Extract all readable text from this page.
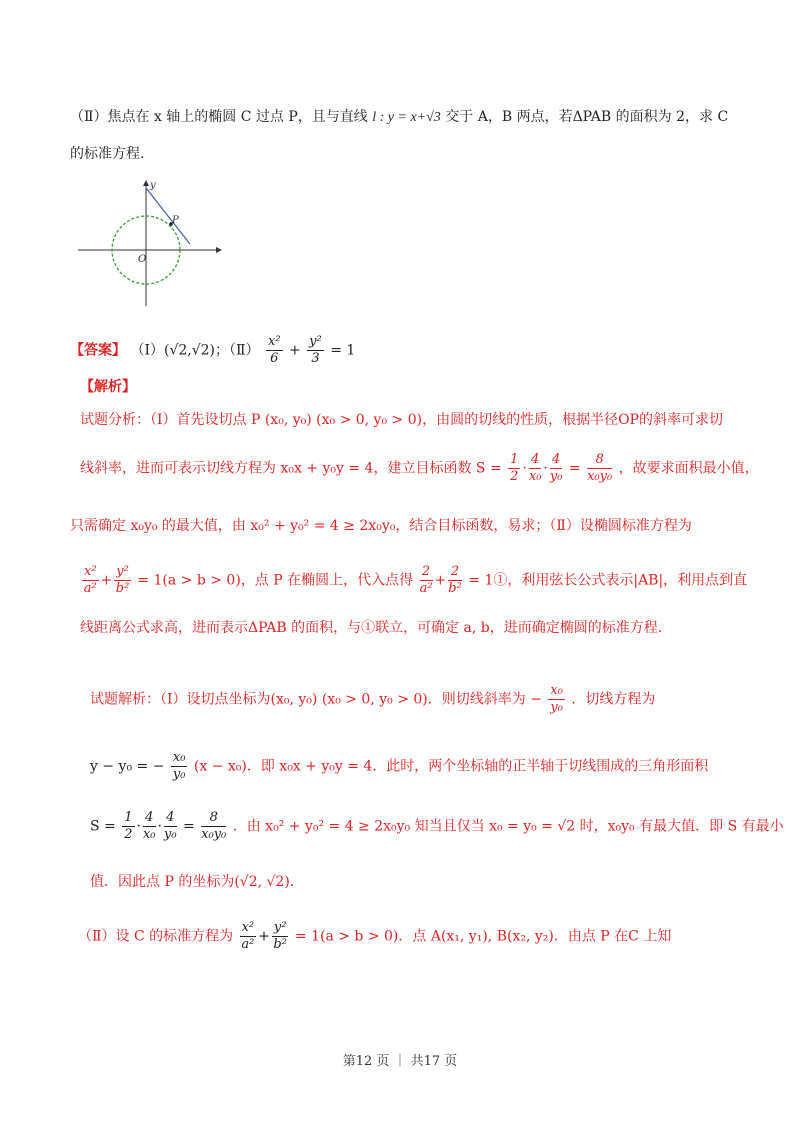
（Ⅱ）焦点在 x 轴上的椭圆 C 过点 P，且与直线 l : y = x+√3 交于 A，B 两点，若ΔPAB 的面积为 2，求 C
的标准方程.
y
P
O
【答案】 （Ⅰ）(√2,√2)；（Ⅱ） $\frac{\text{x²}}{6} + \frac{\text{y²}}{3} = 1$
【解析】
试题分析：（Ⅰ）首先设切点 P (x₀, y₀) (x₀ > 0, y₀ > 0)，由圆的切线的性质，根据半径OP的斜率可求切
线斜率，进而可表示切线方程为 x₀x + y₀y = 4，建立目标函数 $S = \frac{1}{2} \cdot \frac{4}{\text{x₀}} \cdot \frac{4}{\text{y₀}} = \frac{8}{\text{x₀y₀}}$ ，故要求面积最小值，
只需确定 x₀y₀ 的最大值，由 x₀² + y₀² = 4 ≥ 2x₀y₀，结合目标函数，易求；（Ⅱ）设椭圆标准方程为
$\frac{\text{x²}}{\text{a²}} + \frac{\text{y²}}{\text{b²}} = 1(a > b > 0)$，点 P 在椭圆上，代入点得 $\frac{2}{\text{a²}} + \frac{2}{\text{b²}}$ = 1①，利用弦长公式表示|AB|，利用点到直
线距离公式求高，进而表示ΔPAB 的面积，与①联立，可确定 a, b，进而确定椭圆的标准方程.
试题解析：（Ⅰ）设切点坐标为(x₀, y₀) (x₀ > 0, y₀ > 0)．则切线斜率为 − $\frac{\text{x₀}}{\text{y₀}}$ ．切线方程为
y − y₀ = − $\frac{\text{x₀}}{\text{y₀}} (x - x_0)$．即 x₀x + y₀y = 4．此时，两个坐标轴的正半轴于切线围成的三角形面积
$S = \frac{1}{2} \cdot \frac{4}{\text{x₀}} \cdot \frac{4}{\text{y₀}} = \frac{8}{\text{x₀y₀}}$ ．由 x₀² + y₀² = 4 ≥ 2x₀y₀ 知当且仅当 x₀ = y₀ = √2 时，x₀y₀ 有最大值．即 S 有最小
值．因此点 P 的坐标为(√2, √2)．
（Ⅱ）设 C 的标准方程为 $\frac{\text{x²}}{\text{a²}} + \frac{\text{y²}}{\text{b²}} = 1(a > b > 0)$．点 A(x₁, y₁), B(x₂, y₂)．由点 P 在C 上知
第12 页 ｜ 共17 页
